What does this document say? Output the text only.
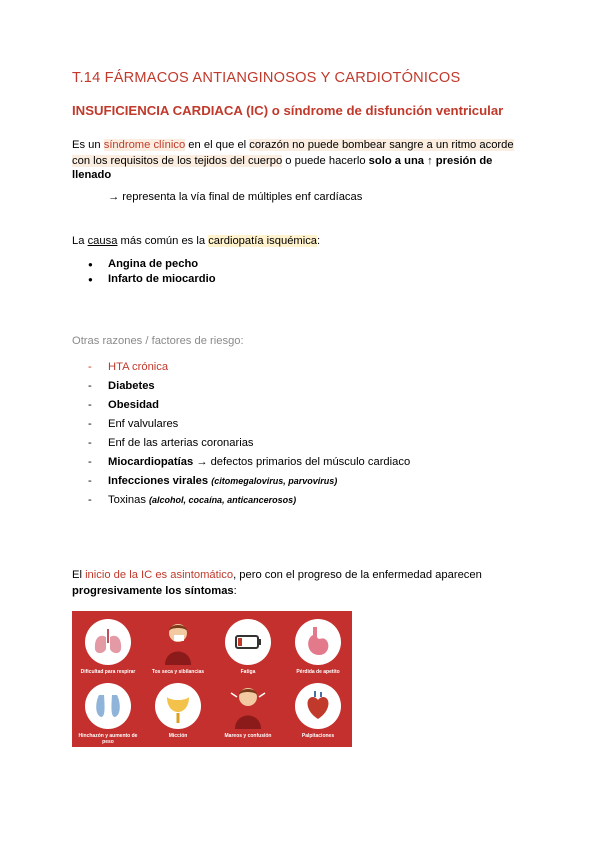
T.14 FÁRMACOS ANTIANGINOSOS Y CARDIOTÓNICOS
INSUFICIENCIA CARDIACA (IC) o síndrome de disfunción ventricular
Es un síndrome clínico en el que el corazón no puede bombear sangre a un ritmo acorde
con los requisitos de los tejidos del cuerpo o puede hacerlo solo a una ↑ presión de
llenado
→ representa la vía final de múltiples enf cardíacas
La causa más común es la cardiopatía isquémica:
● Angina de pecho
● Infarto de miocardio
Otras razones / factores de riesgo:
- HTA crónica
- Diabetes
- Obesidad
- Enf valvulares
- Enf de las arterias coronarias
- Miocardiopatías → defectos primarios del músculo cardiaco
- Infecciones virales (citomegalovirus, parvovirus)
- Toxinas (alcohol, cocaína, anticancerosos)
El inicio de la IC es asintomático, pero con el progreso de la enfermedad aparecen
progresivamente los síntomas:
Dificultad para respirar	Tos seca y sibilancias	Fatiga	Pérdida de apetito
Hinchazón y aumento de peso
Micción	Mareos y confusión	Palpitaciones
